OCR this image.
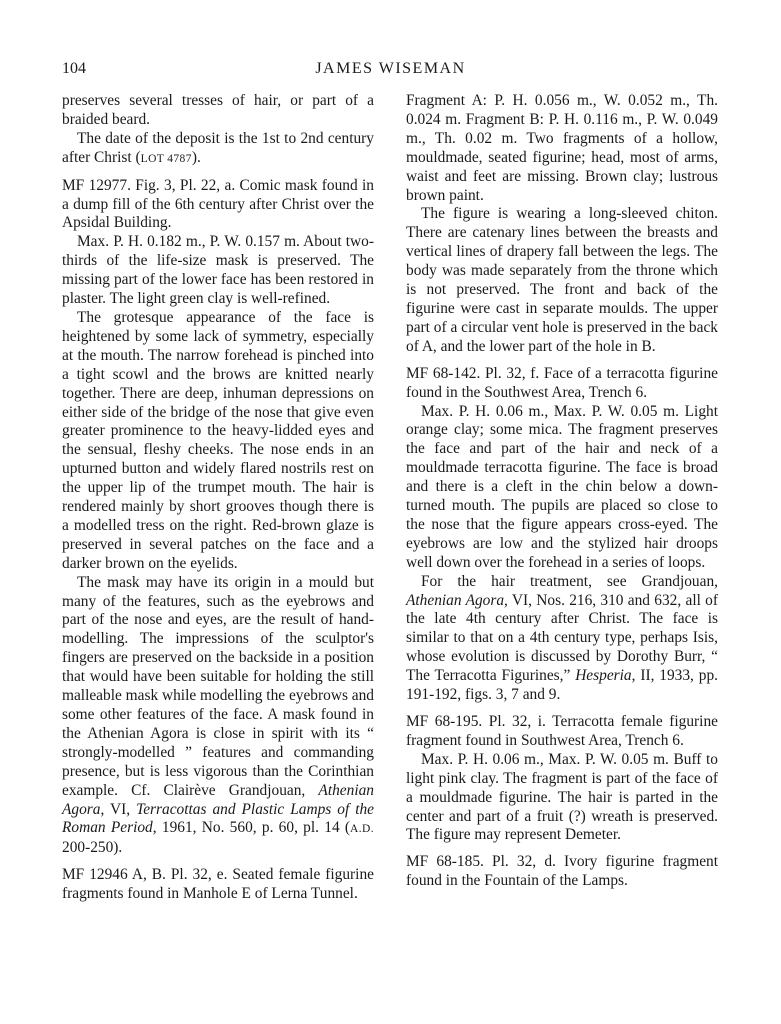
104	JAMES WISEMAN

preserves several tresses of hair, or part of a braided beard.

The date of the deposit is the 1st to 2nd century after Christ (LOT 4787).

MF 12977. Fig. 3, Pl. 22, a. Comic mask found in a dump fill of the 6th century after Christ over the Apsidal Building.

Max. P. H. 0.182 m., P. W. 0.157 m. About two-thirds of the life-size mask is preserved. The missing part of the lower face has been restored in plaster. The light green clay is well-refined.

The grotesque appearance of the face is heightened by some lack of symmetry, especially at the mouth. The narrow forehead is pinched into a tight scowl and the brows are knitted nearly together. There are deep, inhuman depressions on either side of the bridge of the nose that give even greater prominence to the heavy-lidded eyes and the sensual, fleshy cheeks. The nose ends in an upturned button and widely flared nostrils rest on the upper lip of the trumpet mouth. The hair is rendered mainly by short grooves though there is a modelled tress on the right. Red-brown glaze is preserved in several patches on the face and a darker brown on the eyelids.

The mask may have its origin in a mould but many of the features, such as the eyebrows and part of the nose and eyes, are the result of hand-modelling. The impressions of the sculptor's fingers are preserved on the backside in a position that would have been suitable for holding the still malleable mask while modelling the eyebrows and some other features of the face. A mask found in the Athenian Agora is close in spirit with its “ strongly-modelled ” features and commanding presence, but is less vigorous than the Corinthian example. Cf. Clairève Grandjouan, Athenian Agora, VI, Terracottas and Plastic Lamps of the Roman Period, 1961, No. 560, p. 60, pl. 14 (A.D. 200-250).

MF 12946 A, B. Pl. 32, e. Seated female figurine fragments found in Manhole E of Lerna Tunnel.

Fragment A: P. H. 0.056 m., W. 0.052 m., Th. 0.024 m. Fragment B: P. H. 0.116 m., P. W. 0.049 m., Th. 0.02 m. Two fragments of a hollow, mouldmade, seated figurine; head, most of arms, waist and feet are missing. Brown clay; lustrous brown paint.

The figure is wearing a long-sleeved chiton. There are catenary lines between the breasts and vertical lines of drapery fall between the legs. The body was made separately from the throne which is not preserved. The front and back of the figurine were cast in separate moulds. The upper part of a circular vent hole is preserved in the back of A, and the lower part of the hole in B.

MF 68-142. Pl. 32, f. Face of a terracotta figurine found in the Southwest Area, Trench 6.

Max. P. H. 0.06 m., Max. P. W. 0.05 m. Light orange clay; some mica. The fragment preserves the face and part of the hair and neck of a mouldmade terracotta figurine. The face is broad and there is a cleft in the chin below a down-turned mouth. The pupils are placed so close to the nose that the figure appears cross-eyed. The eyebrows are low and the stylized hair droops well down over the forehead in a series of loops.

For the hair treatment, see Grandjouan, Athenian Agora, VI, Nos. 216, 310 and 632, all of the late 4th century after Christ. The face is similar to that on a 4th century type, perhaps Isis, whose evolution is discussed by Dorothy Burr, “ The Terracotta Figurines,” Hesperia, II, 1933, pp. 191-192, figs. 3, 7 and 9.

MF 68-195. Pl. 32, i. Terracotta female figurine fragment found in Southwest Area, Trench 6.

Max. P. H. 0.06 m., Max. P. W. 0.05 m. Buff to light pink clay. The fragment is part of the face of a mouldmade figurine. The hair is parted in the center and part of a fruit (?) wreath is preserved. The figure may represent Demeter.

MF 68-185. Pl. 32, d. Ivory figurine fragment found in the Fountain of the Lamps.
